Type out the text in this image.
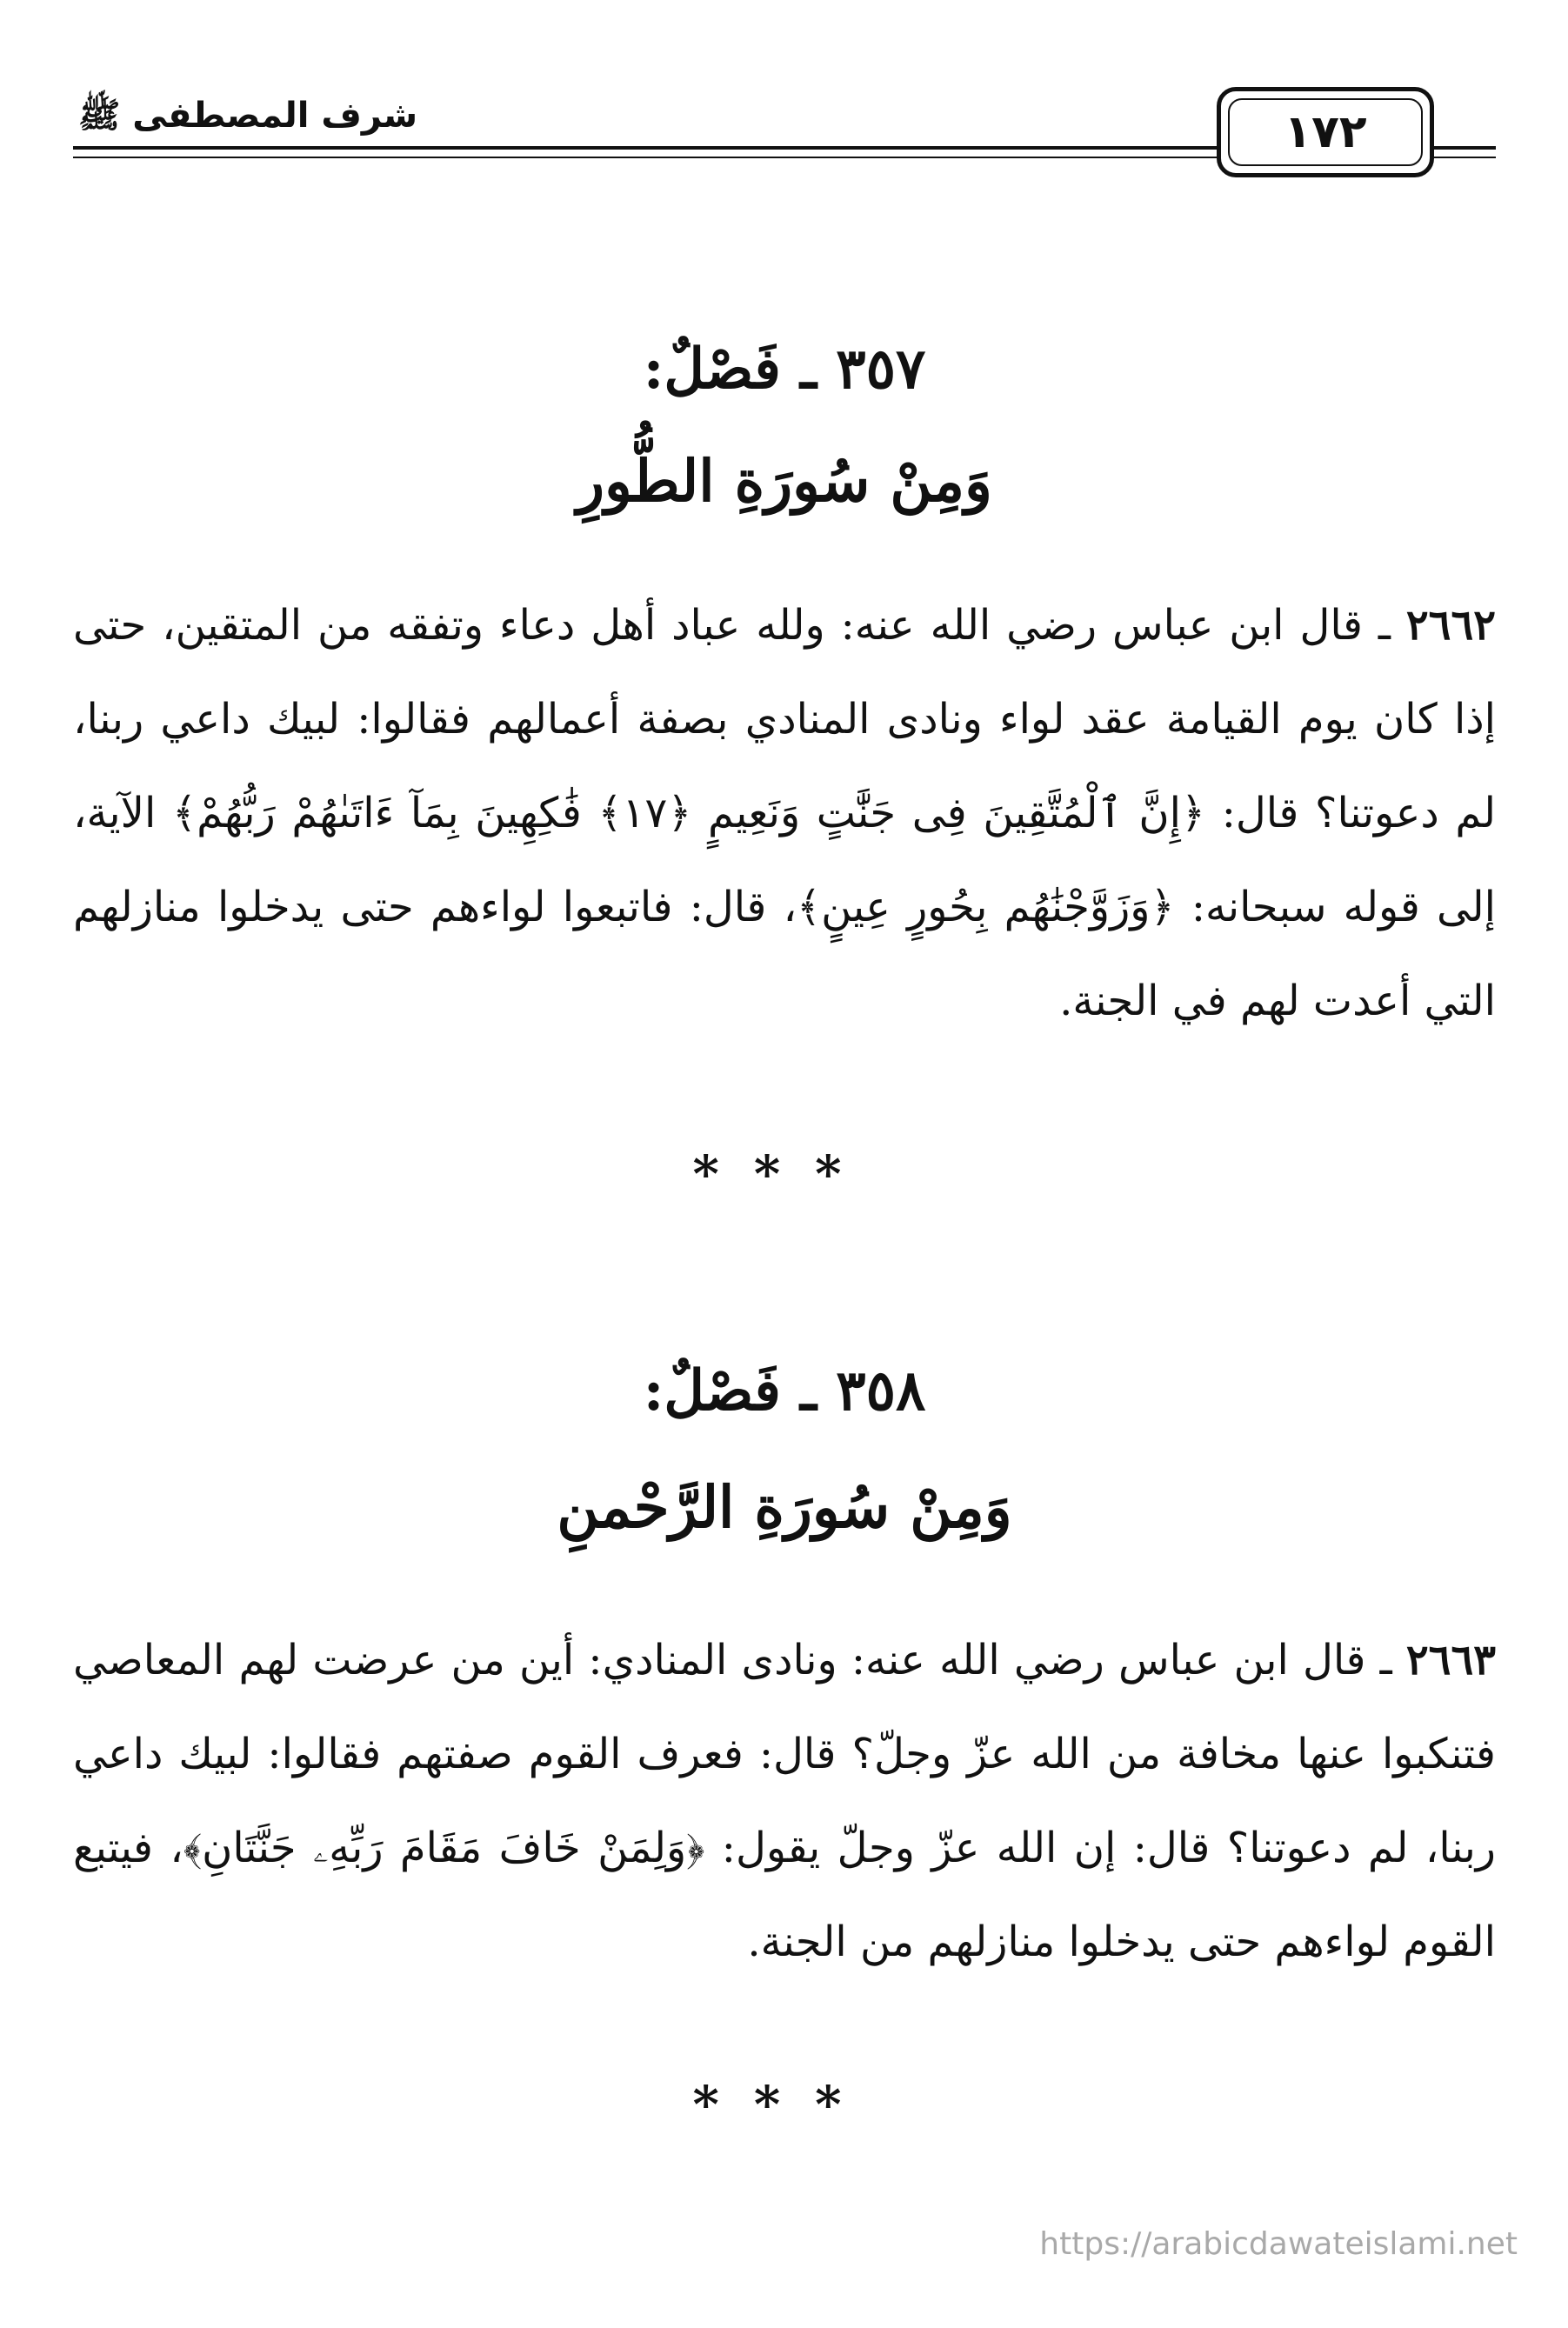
شرف المصطفى ﷺ	١٧٢
٣٥٧ ـ فَصْلٌ:
وَمِنْ سُورَةِ الطُّورِ
٢٦٦٢ ـ قال ابن عباس رضي الله عنه: ولله عباد أهل دعاء وتفقه من المتقين، حتى إذا كان يوم القيامة عقد لواء ونادى المنادي بصفة أعمالهم فقالوا: لبيك داعي ربنا، لم دعوتنا؟ قال: ﴿إِنَّ ٱلْمُتَّقِينَ فِى جَنَّٰتٍ وَنَعِيمٍ ﴿١٧﴾ فَٰكِهِينَ بِمَآ ءَاتَىٰهُمْ رَبُّهُمْ﴾ الآية، إلى قوله سبحانه: ﴿وَزَوَّجْنَٰهُم بِحُورٍ عِينٍ﴾، قال: فاتبعوا لواءهم حتى يدخلوا منازلهم التي أعدت لهم في الجنة.
***
٣٥٨ ـ فَصْلٌ:
وَمِنْ سُورَةِ الرَّحْمنِ
٢٦٦٣ ـ قال ابن عباس رضي الله عنه: ونادى المنادي: أين من عرضت لهم المعاصي فتنكبوا عنها مخافة من الله عزّ وجلّ؟ قال: فعرف القوم صفتهم فقالوا: لبيك داعي ربنا، لم دعوتنا؟ قال: إن الله عزّ وجلّ يقول: ﴿وَلِمَنْ خَافَ مَقَامَ رَبِّهِۦ جَنَّتَانِ﴾، فيتبع القوم لواءهم حتى يدخلوا منازلهم من الجنة.
***
https://arabicdawateislami.net
